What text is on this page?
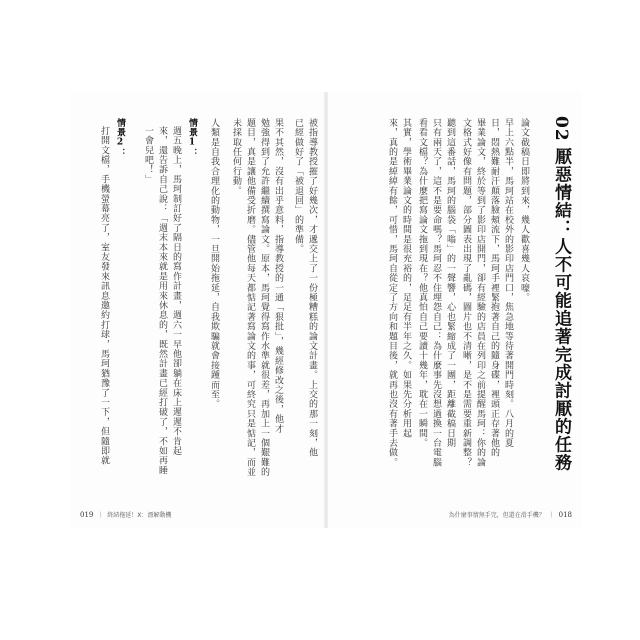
被指導教授摧了好幾次，才遞交上了一份極糟糕的論文計畫。上交的那一刻，他
已經做好了「被退回」的準備。
果不其然，沒有出乎意料，指導教授的一通「狠批」，幾經修改之後，他才
勉強得到了允許繼續撰寫論文。原本，馬珂覺得寫作水準就很差，再加上一個艱難的
題目，真是讓他備受折磨。儘管他每天都惦記著寫論文的事，可終究只是惦記，而並
未採取任何行動。
人類是自我合理化的動物，一旦開始拖延，自我欺騙就會接踵而至。
情景1：
週五晚上，馬珂制訂好了隔日的寫作計畫，週六一早他卻躺在床上遲遲不肯起
來，還告訴自己說：「週末本來就是用來休息的，既然計畫已經打破了，不如再睡
一會兒吧！」
情景2：
打開文檔，手機螢幕亮了，室友發來訊息邀約打球，馬珂猶豫了一下，但隨即就
019 ｜ 終結拖延！X：漂解動機
02厭惡情結：人不可能追著完成討厭的任務
論文截稿日即將到來，幾人歡喜幾人哀嚎。
早上六點半，馬珂站在校外的影印店門口，焦急地等待著開門時刻。八月的夏
日，悶熱難耐汗顛落臉頰流下，馬珂手裡緊抱著自己的隨身碟，裡頭正存著他的
畢業論文，終於等到了影印店開門，卻有經驗的店員在列印之前提醒馬珂：你的論
文格式好像有問題，部分圖表出現了亂碼，圖片也不清晰，是不是需要重新調整？
聽到這番話，馬珂的腦袋「嗡」的一聲響，心也緊縮成了一團，距離截稿日期
只有兩天了，這不是要命嗎？馬珂忍不住埋怨自己：為什麼事先沒想過換一台電腦
看看文檔？為什麼把寫論文拖到現在？他真怕自己要讀十幾年，耽在一瞬間。
其實，學術畢業論文的時間是很充裕的，足足有半年之久。如果先分析用起
來，真的是綽綽有餘，可惜，馬珂自從定了方向和題目後，就再也沒有著手去做。
為什麼事情無手完，但還在滑手機？ ｜ 018
